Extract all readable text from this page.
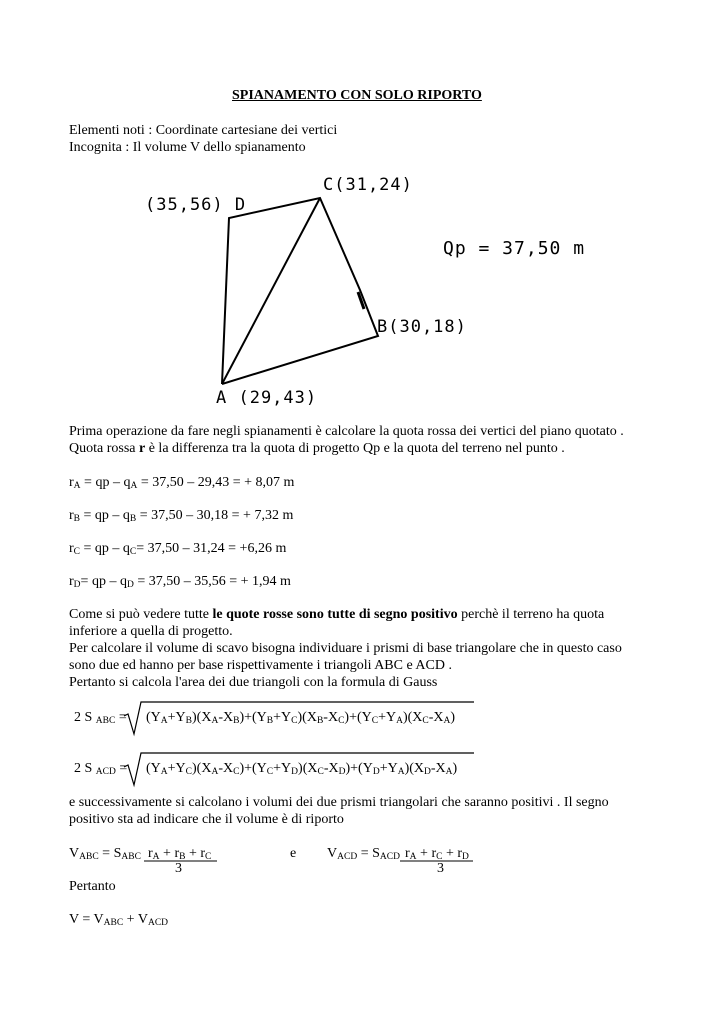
SPIANAMENTO CON SOLO RIPORTO
Elementi noti : Coordinate cartesiane dei vertici
Incognita : Il volume V dello spianamento
(35,56) D
C(31,24)
B(30,18)
A (29,43)
Qp = 37,50 m
Prima operazione da fare negli spianamenti è calcolare la quota rossa dei vertici del piano quotato .
Quota rossa r è la differenza tra la quota di progetto Qp e la quota del terreno nel punto .
$r_A$ = qp – $q_A = 37,50 - 29,43$ = + 8,07 m
$r_B$ = qp – $q_B = 37,50 - 30,18$ = + 7,32 m
$r_C$ = qp – $q_C= 37,50 - 31,24 = +6,26$ m
$r_D=$ qp – $q_D = 37,50 - 35,56$ = + 1,94 m
Come si può vedere tutte le quote rosse sono tutte di segno positivo perchè il terreno ha quota
inferiore a quella di progetto.
Per calcolare il volume di scavo bisogna individuare i prismi di base triangolare che in questo caso
sono due ed hanno per base rispettivamente i triangoli ABC e ACD .
Pertanto si calcola l'area dei due triangoli con la formula di Gauss
2 S $_{ABC} = (Y_A+Y_B)(X_A-X_B)+(Y_B+Y_C)(X_B-X_C)+(Y_C+Y_A)(X_C-X_A)$
2 S $_{ACD} = (Y_A+Y_C)(X_A-X_C)+(Y_C+Y_D)(X_C-X_D)+(Y_D+Y_A)(X_D-X_A)$
e successivamente si calcolano i volumi dei due prismi triangolari che saranno positivi . Il segno
positivo sta ad indicare che il volume è di riporto
$V_{ABC} = S_{ABC}$ $r_A + r_B + r_C$
3
e $V_{ACD} = S_{ACD}$ $r_A + r_C + r_D$
3
Pertanto
$V = V_{ABC} + V_{ACD}$
